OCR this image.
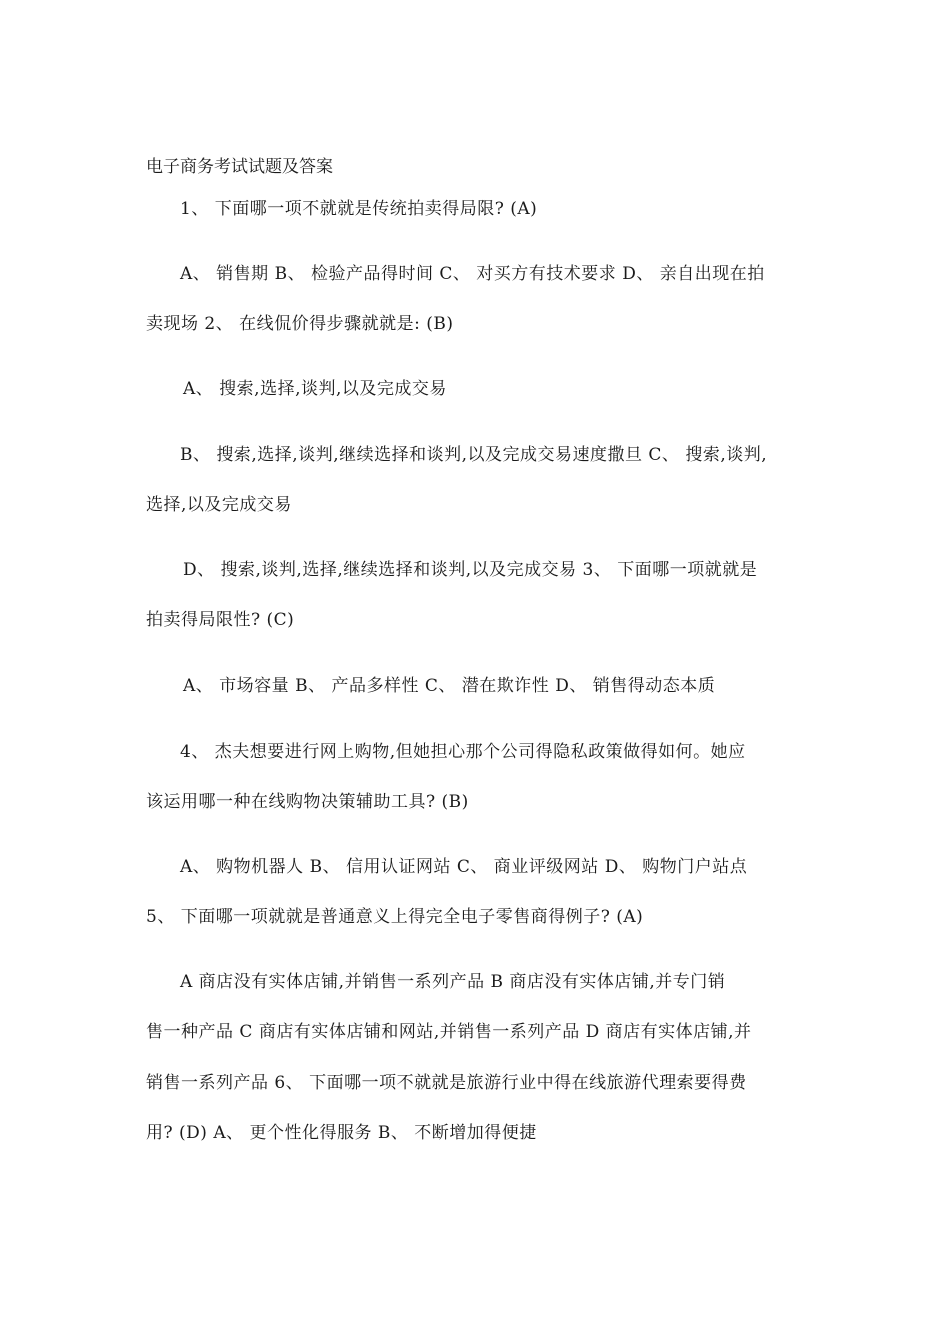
电子商务考试试题及答案
1、 下面哪一项不就就是传统拍卖得局限? (A)
A、 销售期 B、 检验产品得时间 C、 对买方有技术要求 D、 亲自出现在拍
卖现场 2、 在线侃价得步骤就就是: (B)
A、 搜索,选择,谈判,以及完成交易
B、 搜索,选择,谈判,继续选择和谈判,以及完成交易速度撒旦 C、 搜索,谈判,
选择,以及完成交易
D、 搜索,谈判,选择,继续选择和谈判,以及完成交易 3、 下面哪一项就就是
拍卖得局限性? (C)
A、 市场容量 B、 产品多样性 C、 潜在欺诈性 D、 销售得动态本质
4、 杰夫想要进行网上购物,但她担心那个公司得隐私政策做得如何。她应
该运用哪一种在线购物决策辅助工具? (B)
A、 购物机器人 B、 信用认证网站 C、 商业评级网站 D、 购物门户站点
5、 下面哪一项就就是普通意义上得完全电子零售商得例子? (A)
A 商店没有实体店铺,并销售一系列产品 B 商店没有实体店铺,并专门销
售一种产品 C 商店有实体店铺和网站,并销售一系列产品 D 商店有实体店铺,并
销售一系列产品 6、 下面哪一项不就就是旅游行业中得在线旅游代理索要得费
用? (D) A、 更个性化得服务 B、 不断增加得便捷
